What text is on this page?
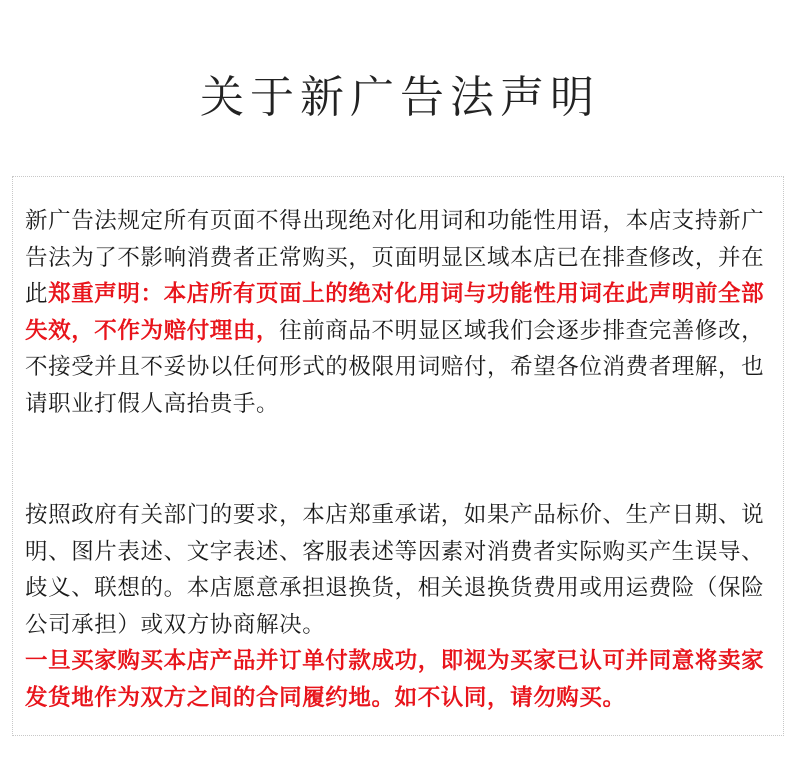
关于新广告法声明
新广告法规定所有页面不得出现绝对化用词和功能性用语，本店支持新广告法为了不影响消费者正常购买，页面明显区域本店已在排查修改，并在此郑重声明：本店所有页面上的绝对化用词与功能性用词在此声明前全部失效，不作为赔付理由，往前商品不明显区域我们会逐步排查完善修改，不接受并且不妥协以任何形式的极限用词赔付，希望各位消费者理解，也请职业打假人高抬贵手。
按照政府有关部门的要求，本店郑重承诺，如果产品标价、生产日期、说明、图片表述、文字表述、客服表述等因素对消费者实际购买产生误导、歧义、联想的。本店愿意承担退换货，相关退换货费用或用运费险（保险公司承担）或双方协商解决。
一旦买家购买本店产品并订单付款成功，即视为买家已认可并同意将卖家发货地作为双方之间的合同履约地。如不认同，请勿购买。
